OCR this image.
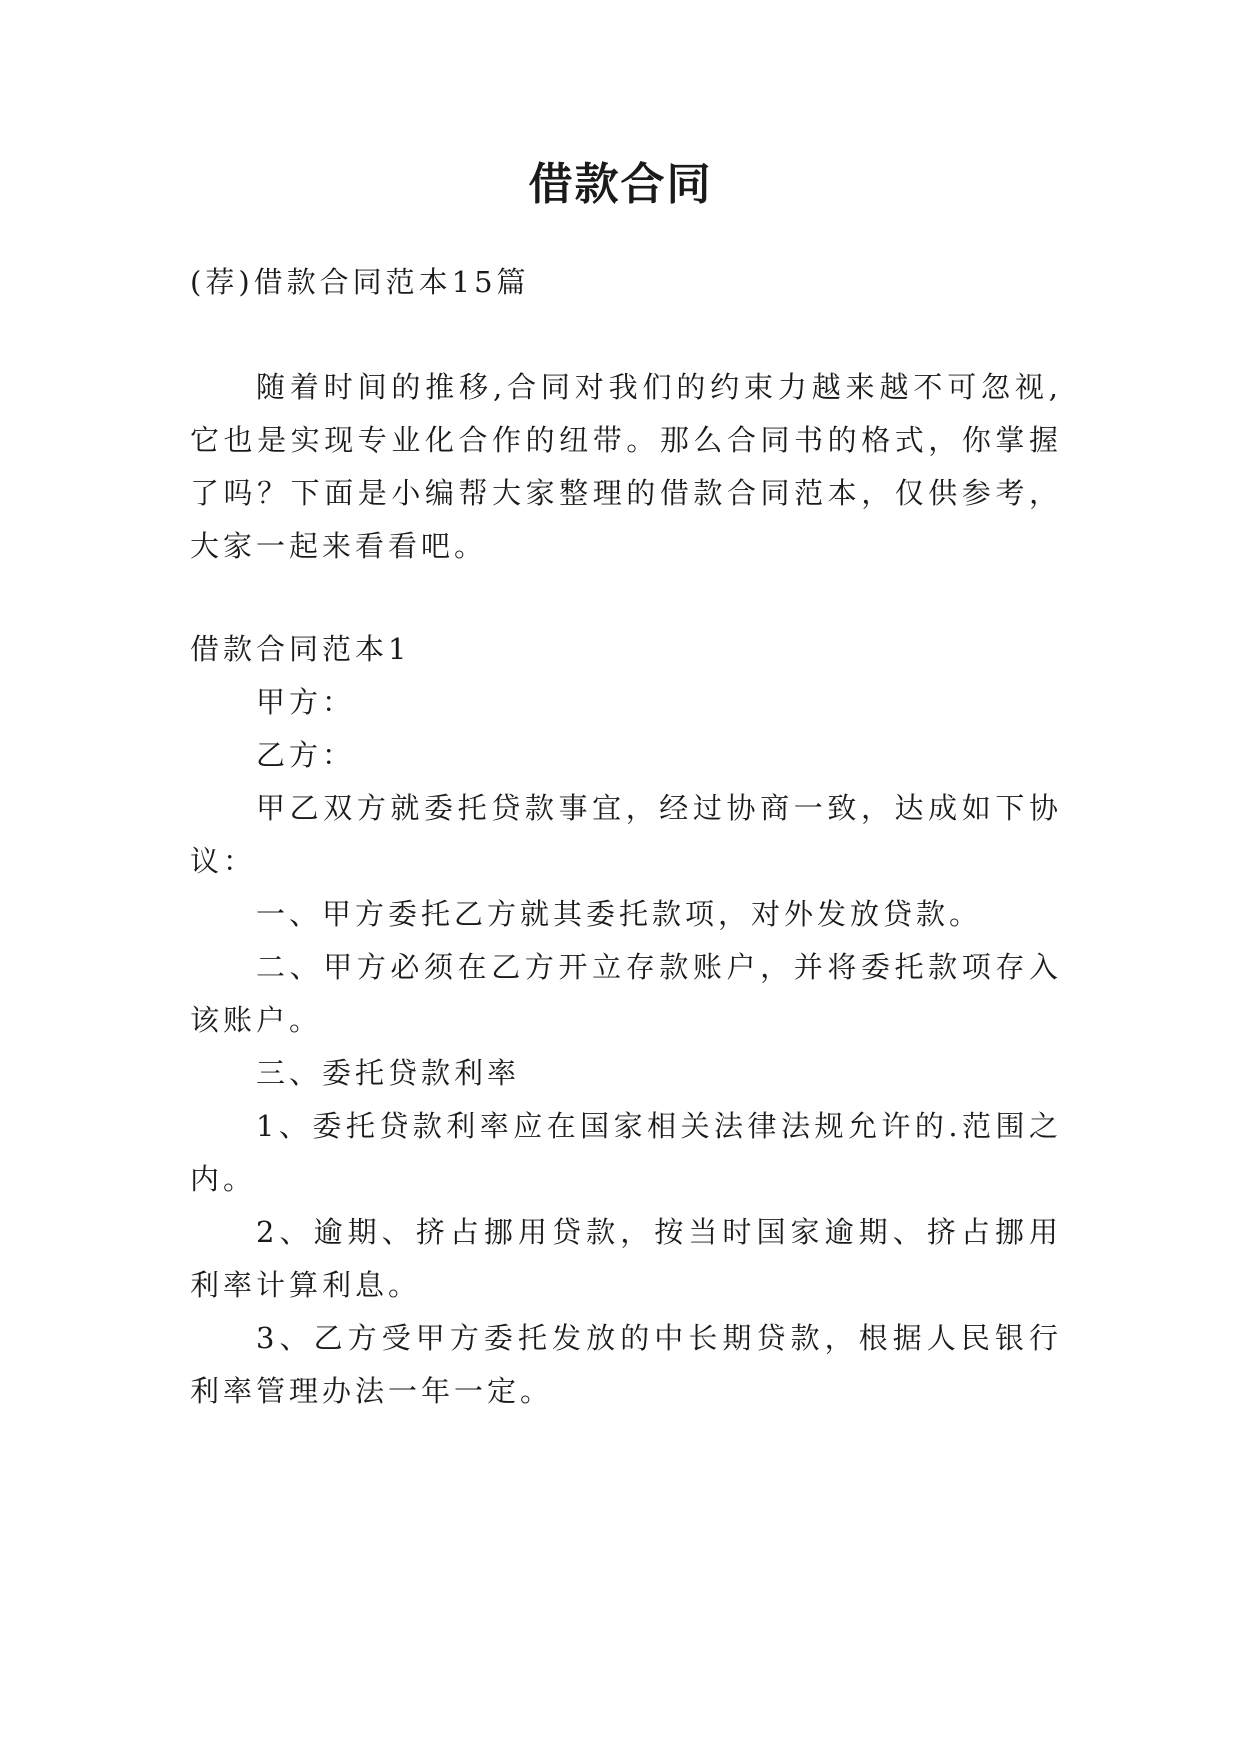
借款合同

(荐)借款合同范本15篇

随着时间的推移,合同对我们的约束力越来越不可忽视,

它也是实现专业化合作的纽带。那么合同书的格式，你掌握

了吗？下面是小编帮大家整理的借款合同范本，仅供参考，

大家一起来看看吧。

借款合同范本1

甲方：

乙方：

甲乙双方就委托贷款事宜，经过协商一致，达成如下协

议：

一、甲方委托乙方就其委托款项，对外发放贷款。

二、甲方必须在乙方开立存款账户，并将委托款项存入

该账户。

三、委托贷款利率

1、委托贷款利率应在国家相关法律法规允许的.范围之

内。

2、逾期、挤占挪用贷款，按当时国家逾期、挤占挪用

利率计算利息。

3、乙方受甲方委托发放的中长期贷款，根据人民银行

利率管理办法一年一定。
